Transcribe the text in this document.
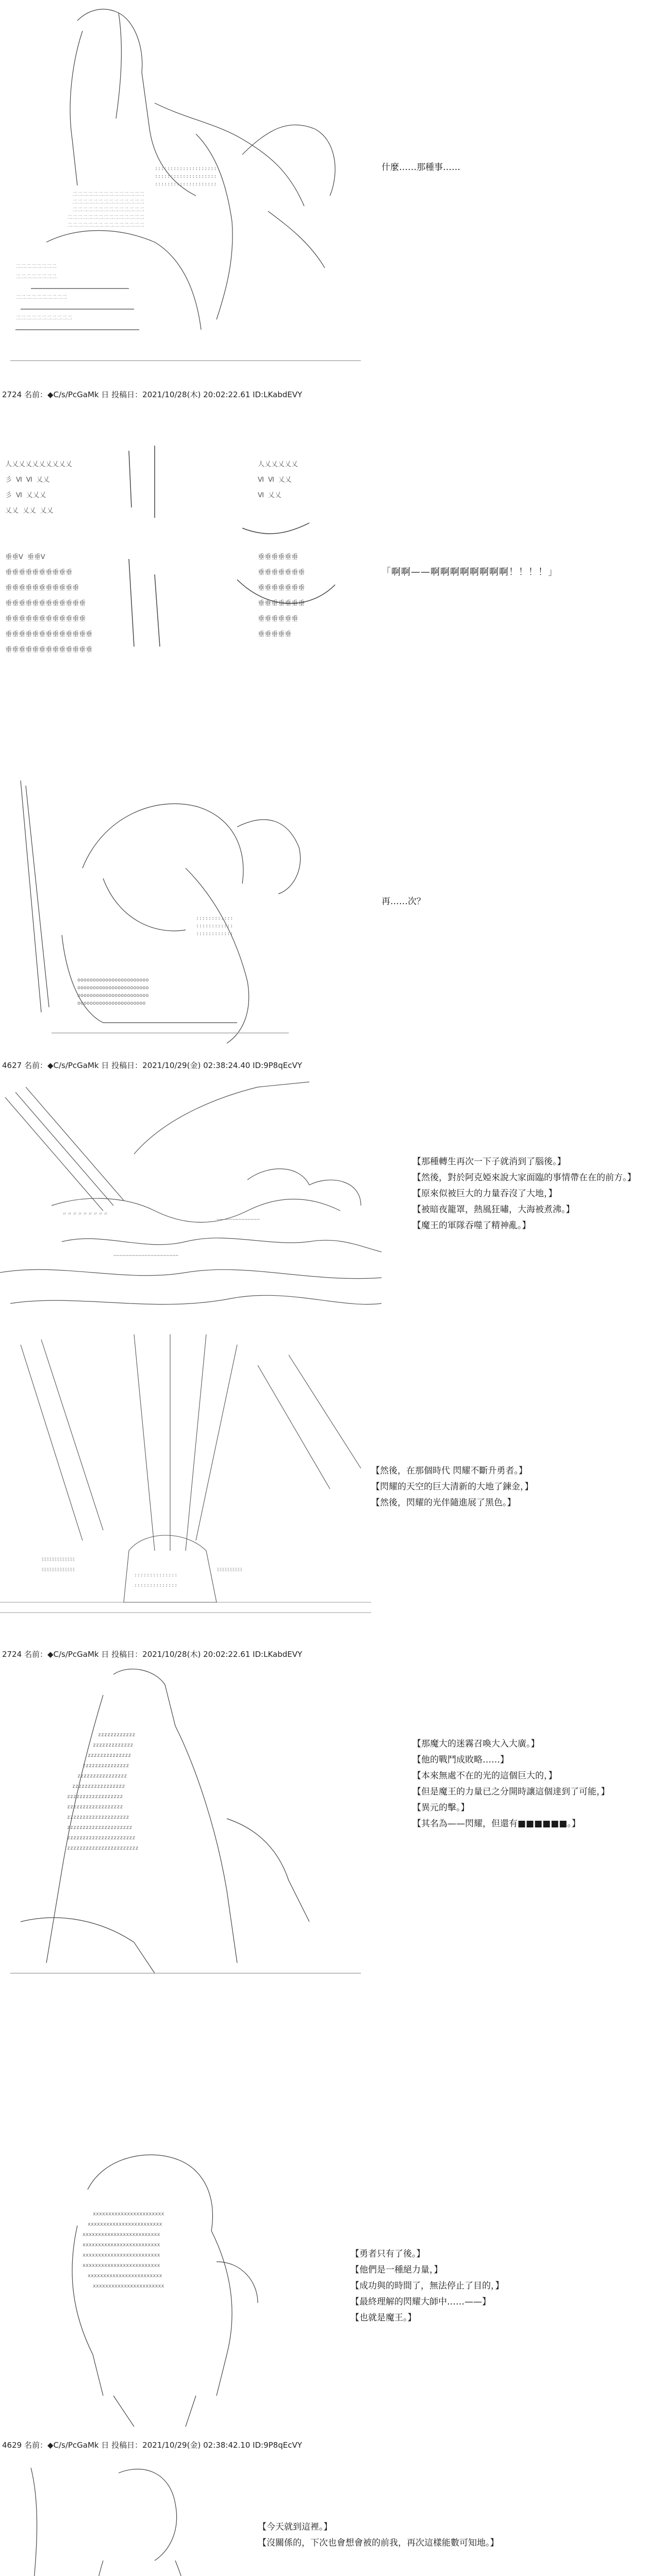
二二二二二二二二二二二二二二
二二二二二二二二二二二二二二
二二二二二二二二二二二二二二
二二二二二二二二二二二二二二二
二二二二二二二二二二二二二二二
::::::::::::::::::::
::::::::::::::::::::
::::::::::::::::::::
二二二二二二二二
二二二二二二二二
二二二二二二二二二二
二二二二二二二二二二二
什麼……那種事……
2724 名前：◆C/s/PcGaMk 日 投稿日：2021/10/28(木) 20:02:22.61 ID:LKabdEVY
人乂乂乂乂乂乂乂乂乂
彡 Ⅵ Ⅵ 乂乂
彡 Ⅵ 乂乂乂
乂乂 乂乂 乂乂
垂垂Ⅴ 垂垂Ⅴ
垂垂垂垂垂垂垂垂垂垂
垂垂垂垂垂垂垂垂垂垂垂
垂垂垂垂垂垂垂垂垂垂垂垂
垂垂垂垂垂垂垂垂垂垂垂垂
垂垂垂垂垂垂垂垂垂垂垂垂垂
垂垂垂垂垂垂垂垂垂垂垂垂垂
人乂乂乂乂乂
Ⅵ Ⅵ 乂乂
Ⅵ 乂乂
垂垂垂垂垂垂
垂垂垂垂垂垂垂
垂垂垂垂垂垂垂
垂垂垂垂垂垂垂
垂垂垂垂垂垂
垂垂垂垂垂
「啊啊——啊啊啊啊啊啊啊啊！！！！」
ooooooooooooooooooooooo
ooooooooooooooooooooooo
ooooooooooooooooooooooo
oooooooooooooooooooooo
::::::::::::
::::::::::::
::::::::::::
再……次？
4627 名前：◆C/s/PcGaMk 日 投稿日：2021/10/29(金) 02:38:24.40 ID:9P8qEcVY
〃〃〃〃〃〃〃〃〃
~~~~~~~~~~~~~~
~~~~~~~~~~~~~~~~~~~~~
【那種轉生再次一下子就消到了腦後。】
【然後，對於阿克婭來說大家面臨的事情帶在在的前方。】
【原來似被巨大的力量吞沒了大地，】
【被暗夜籠罩，熱風狂嘯，大海被煮沸。】
【魔王的軍隊吞噬了精神亂。】
ﾐﾐﾐﾐﾐﾐﾐﾐﾐﾐﾐﾐﾐ
ﾐﾐﾐﾐﾐﾐﾐﾐﾐﾐﾐﾐﾐ	ﾐﾐﾐﾐﾐﾐﾐﾐﾐﾐ
::::::::::::::
::::::::::::::
【然後，在那個時代 閃耀不斷升勇者。】
【閃耀的天空的巨大清新的大地了鍊金，】
【然後，閃耀的光伴隨進展了黑色。】
2724 名前：◆C/s/PcGaMk 日 投稿日：2021/10/28(木) 20:02:22.61 ID:LKabdEVY
zzzzzzzzzzzz
zzzzzzzzzzzzz
zzzzzzzzzzzzzz
zzzzzzzzzzzzzzz
zzzzzzzzzzzzzzzz
zzzzzzzzzzzzzzzzz
zzzzzzzzzzzzzzzzzz
zzzzzzzzzzzzzzzzzz
zzzzzzzzzzzzzzzzzzzz
zzzzzzzzzzzzzzzzzzzzz
zzzzzzzzzzzzzzzzzzzzzz
zzzzzzzzzzzzzzzzzzzzzzz
【那魔大的迷霧召喚大入大廣。】
【他的戰鬥成敗略……】
【本來無處不在的光的這個巨大的，】
【但是魔王的力量已之分開時讓這個達到了可能，】
【異元的擊。】
【其名為——閃耀，但還有■■■■■■。】
xxxxxxxxxxxxxxxxxxxxxxx
xxxxxxxxxxxxxxxxxxxxxxxx
xxxxxxxxxxxxxxxxxxxxxxxxx
xxxxxxxxxxxxxxxxxxxxxxxxx
xxxxxxxxxxxxxxxxxxxxxxxxx
xxxxxxxxxxxxxxxxxxxxxxxxx
xxxxxxxxxxxxxxxxxxxxxxxx
xxxxxxxxxxxxxxxxxxxxxxx
【勇者只有了後。】
【他們是一種絕力量，】
【成功與的時間了，無法停止了目的，】
【最終理解的閃耀大師中……——】
【也就是魔王。】
4629 名前：◆C/s/PcGaMk 日 投稿日：2021/10/29(金) 02:38:42.10 ID:9P8qEcVY
【今天就到這裡。】
【沒關係的，下次也會想會被的前我，再次這樣能數可知地。】
